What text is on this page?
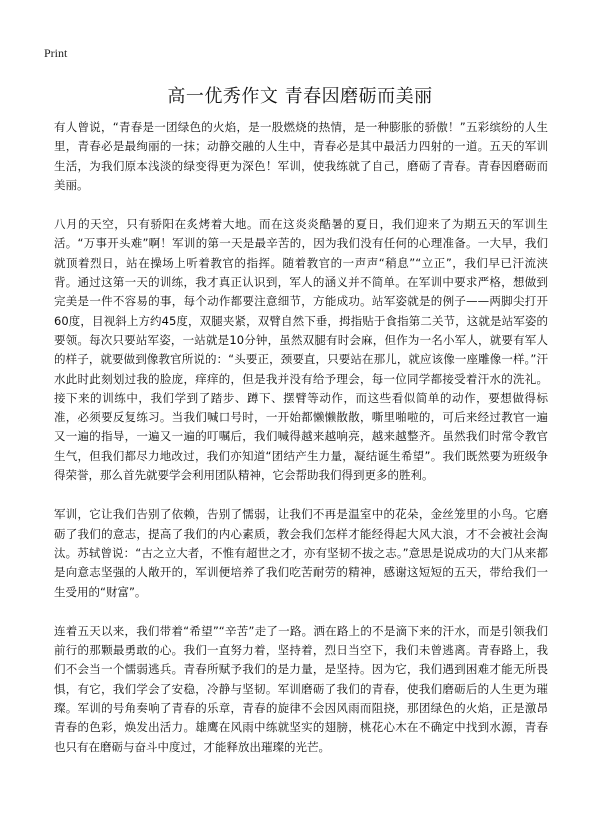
Print
高一优秀作文 青春因磨砺而美丽

有人曾说，“青春是一团绿色的火焰，是一股燃烧的热情，是一种膨胀的骄傲！”五彩缤纷的人生里，青春必是最绚丽的一抹；动静交融的人生中，青春必是其中最活力四射的一道。五天的军训生活，为我们原本浅淡的绿变得更为深色！军训，使我练就了自己，磨砺了青春。青春因磨砺而美丽。

八月的天空，只有骄阳在炙烤着大地。而在这炎炎酷暑的夏日，我们迎来了为期五天的军训生活。“万事开头难”啊！军训的第一天是最辛苦的，因为我们没有任何的心理准备。一大早，我们就顶着烈日，站在操场上听着教官的指挥。随着教官的一声声“稍息”“立正”，我们早已汗流浃背。通过这第一天的训练，我才真正认识到，军人的涵义并不简单。在军训中要求严格，想做到完美是一件不容易的事，每个动作都要注意细节，方能成功。站军姿就是的例子——两脚尖打开60度，目视斜上方约45度，双腿夹紧，双臂自然下垂，拇指贴于食指第二关节，这就是站军姿的要领。每次只要站军姿，一站就是10分钟，虽然双腿有时会麻，但作为一名小军人，就要有军人的样子，就要做到像教官所说的：“头要正，颈要直，只要站在那儿，就应该像一座雕像一样。”汗水此时此刻划过我的脸庞，痒痒的，但是我并没有给予理会，每一位同学都接受着汗水的洗礼。接下来的训练中，我们学到了踏步、蹲下、摆臂等动作，而这些看似简单的动作，要想做得标准，必须要反复练习。当我们喊口号时，一开始都懒懒散散，嘶里啪啦的，可后来经过教官一遍又一遍的指导，一遍又一遍的叮嘱后，我们喊得越来越响亮，越来越整齐。虽然我们时常令教官生气，但我们都尽力地改过，我们亦知道“团结产生力量，凝结诞生希望”。我们既然要为班级争得荣誉，那么首先就要学会利用团队精神，它会帮助我们得到更多的胜利。

军训，它让我们告别了依赖，告别了懦弱，让我们不再是温室中的花朵，金丝笼里的小鸟。它磨砺了我们的意志，提高了我们的内心素质，教会我们怎样才能经得起大风大浪，才不会被社会淘汰。苏轼曾说：“古之立大者，不惟有超世之才，亦有坚韧不拔之志。”意思是说成功的大门从来都是向意志坚强的人敞开的，军训便培养了我们吃苦耐劳的精神，感谢这短短的五天，带给我们一生受用的“财富”。

连着五天以来，我们带着“希望”“辛苦”走了一路。洒在路上的不是滴下来的汗水，而是引领我们前行的那颗最勇敢的心。我们一直努力着，坚持着，烈日当空下，我们未曾逃离。青春路上，我们不会当一个懦弱逃兵。青春所赋予我们的是力量，是坚持。因为它，我们遇到困难才能无所畏惧，有它，我们学会了安稳，冷静与坚韧。军训磨砺了我们的青春，使我们磨砺后的人生更为璀璨。军训的号角奏响了青春的乐章，青春的旋律不会因风雨而阻挠，那团绿色的火焰，正是激昂青春的色彩，焕发出活力。雄鹰在风雨中练就坚实的翅膀，桃花心木在不确定中找到水源，青春也只有在磨砺与奋斗中度过，才能释放出璀璨的光芒。
